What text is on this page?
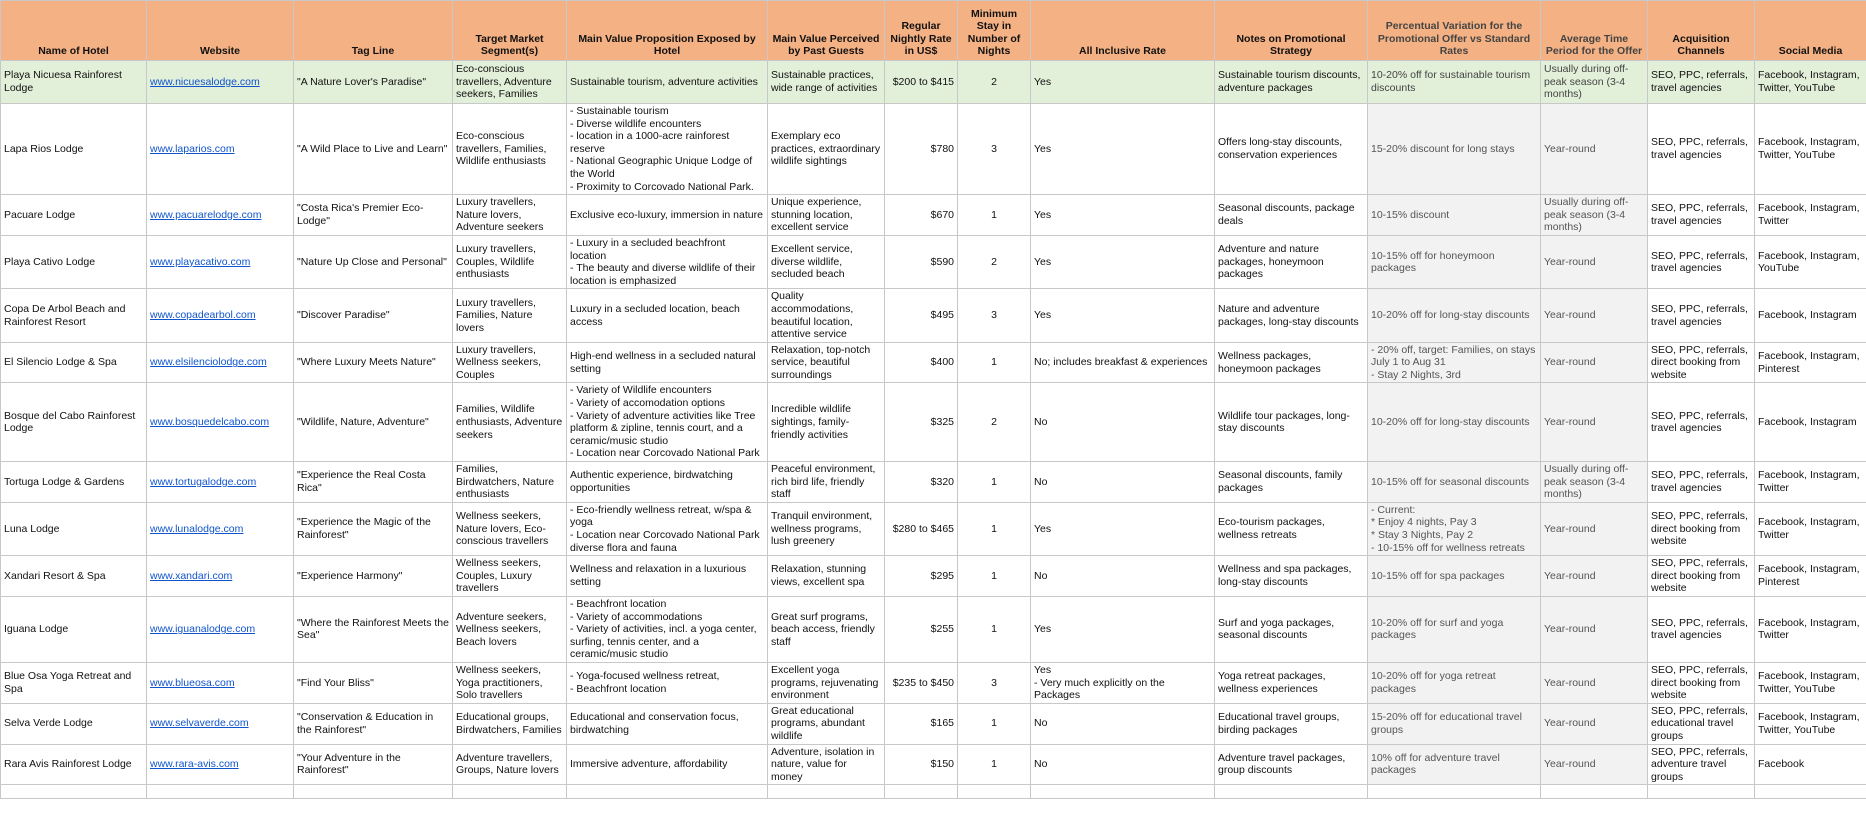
Name of Hotel	Website	Tag Line	Target Market Segment(s)	Main Value Proposition Exposed by Hotel	Main Value Perceived by Past Guests	Regular Nightly Rate in US$	Minimum Stay in Number of Nights	All Inclusive Rate	Notes on Promotional Strategy	Percentual Variation for the Promotional Offer vs Standard Rates	Average Time Period for the Offer	Acquisition Channels	Social Media
Playa Nicuesa Rainforest Lodge	www.nicuesalodge.com	"A Nature Lover's Paradise"	Eco-conscious travellers, Adventure seekers, Families	Sustainable tourism, adventure activities	Sustainable practices, wide range of activities	$200 to $415	2	Yes	Sustainable tourism discounts, adventure packages	10-20% off for sustainable tourism discounts	Usually during off-peak season (3-4 months)	SEO, PPC, referrals, travel agencies	Facebook, Instagram, Twitter, YouTube
Lapa Rios Lodge	www.laparios.com	"A Wild Place to Live and Learn"	Eco-conscious travellers, Families, Wildlife enthusiasts	- Sustainable tourism
- Diverse wildlife encounters
- location in a 1000-acre rainforest reserve
- National Geographic Unique Lodge of the World
- Proximity to Corcovado National Park.	Exemplary eco practices, extraordinary wildlife sightings	$780	3	Yes	Offers long-stay discounts, conservation experiences	15-20% discount for long stays	Year-round	SEO, PPC, referrals, travel agencies	Facebook, Instagram, Twitter, YouTube
Pacuare Lodge	www.pacuarelodge.com	"Costa Rica's Premier Eco-Lodge"	Luxury travellers, Nature lovers, Adventure seekers	Exclusive eco-luxury, immersion in nature	Unique experience, stunning location, excellent service	$670	1	Yes	Seasonal discounts, package deals	10-15% discount	Usually during off-peak season (3-4 months)	SEO, PPC, referrals, travel agencies	Facebook, Instagram, Twitter
Playa Cativo Lodge	www.playacativo.com	"Nature Up Close and Personal"	Luxury travellers, Couples, Wildlife enthusiasts	- Luxury in a secluded beachfront location
- The beauty and diverse wildlife of their location is emphasized	Excellent service, diverse wildlife, secluded beach	$590	2	Yes	Adventure and nature packages, honeymoon packages	10-15% off for honeymoon packages	Year-round	SEO, PPC, referrals, travel agencies	Facebook, Instagram, YouTube
Copa De Arbol Beach and Rainforest Resort	www.copadearbol.com	"Discover Paradise"	Luxury travellers, Families, Nature lovers	Luxury in a secluded location, beach access	Quality accommodations, beautiful location, attentive service	$495	3	Yes	Nature and adventure packages, long-stay discounts	10-20% off for long-stay discounts	Year-round	SEO, PPC, referrals, travel agencies	Facebook, Instagram
El Silencio Lodge & Spa	www.elsilenciolodge.com	"Where Luxury Meets Nature"	Luxury travellers, Wellness seekers, Couples	High-end wellness in a secluded natural setting	Relaxation, top-notch service, beautiful surroundings	$400	1	No; includes breakfast & experiences	Wellness packages, honeymoon packages	- 20% off, target: Families, on stays July 1 to Aug 31
- Stay 2 Nights, 3rd	Year-round	SEO, PPC, referrals, direct booking from website	Facebook, Instagram, Pinterest
Bosque del Cabo Rainforest Lodge	www.bosquedelcabo.com	"Wildlife, Nature, Adventure"	Families, Wildlife enthusiasts, Adventure seekers	- Variety of Wildlife encounters
- Variety of accomodation options
- Variety of adventure activities like Tree platform & zipline, tennis court, and a ceramic/music studio
- Location near Corcovado National Park	Incredible wildlife sightings, family-friendly activities	$325	2	No	Wildlife tour packages, long-stay discounts	10-20% off for long-stay discounts	Year-round	SEO, PPC, referrals, travel agencies	Facebook, Instagram
Tortuga Lodge & Gardens	www.tortugalodge.com	"Experience the Real Costa Rica"	Families, Birdwatchers, Nature enthusiasts	Authentic experience, birdwatching opportunities	Peaceful environment, rich bird life, friendly staff	$320	1	No	Seasonal discounts, family packages	10-15% off for seasonal discounts	Usually during off-peak season (3-4 months)	SEO, PPC, referrals, travel agencies	Facebook, Instagram, Twitter
Luna Lodge	www.lunalodge.com	"Experience the Magic of the Rainforest"	Wellness seekers, Nature lovers, Eco-conscious travellers	- Eco-friendly wellness retreat, w/spa & yoga
- Location near Corcovado National Park diverse flora and fauna	Tranquil environment, wellness programs, lush greenery	$280 to $465	1	Yes	Eco-tourism packages, wellness retreats	- Current:
* Enjoy 4 nights, Pay 3
* Stay 3 Nights, Pay 2
- 10-15% off for wellness retreats	Year-round	SEO, PPC, referrals, direct booking from website	Facebook, Instagram, Twitter
Xandari Resort & Spa	www.xandari.com	"Experience Harmony"	Wellness seekers, Couples, Luxury travellers	Wellness and relaxation in a luxurious setting	Relaxation, stunning views, excellent spa	$295	1	No	Wellness and spa packages, long-stay discounts	10-15% off for spa packages	Year-round	SEO, PPC, referrals, direct booking from website	Facebook, Instagram, Pinterest
Iguana Lodge	www.iguanalodge.com	"Where the Rainforest Meets the Sea"	Adventure seekers, Wellness seekers, Beach lovers	- Beachfront location
- Variety of accommodations
- Variety of activities, incl. a yoga center, surfing, tennis center, and a ceramic/music studio	Great surf programs, beach access, friendly staff	$255	1	Yes	Surf and yoga packages, seasonal discounts	10-20% off for surf and yoga packages	Year-round	SEO, PPC, referrals, travel agencies	Facebook, Instagram, Twitter
Blue Osa Yoga Retreat and Spa	www.blueosa.com	"Find Your Bliss"	Wellness seekers, Yoga practitioners, Solo travellers	- Yoga-focused wellness retreat,
- Beachfront location	Excellent yoga programs, rejuvenating environment	$235 to $450	3	Yes
- Very much explicitly on the Packages	Yoga retreat packages, wellness experiences	10-20% off for yoga retreat packages	Year-round	SEO, PPC, referrals, direct booking from website	Facebook, Instagram, Twitter, YouTube
Selva Verde Lodge	www.selvaverde.com	"Conservation & Education in the Rainforest"	Educational groups, Birdwatchers, Families	Educational and conservation focus, birdwatching	Great educational programs, abundant wildlife	$165	1	No	Educational travel groups, birding packages	15-20% off for educational travel groups	Year-round	SEO, PPC, referrals, educational travel groups	Facebook, Instagram, Twitter, YouTube
Rara Avis Rainforest Lodge	www.rara-avis.com	"Your Adventure in the Rainforest"	Adventure travellers, Groups, Nature lovers	Immersive adventure, affordability	Adventure, isolation in nature, value for money	$150	1	No	Adventure travel packages, group discounts	10% off for adventure travel packages	Year-round	SEO, PPC, referrals, adventure travel groups	Facebook
